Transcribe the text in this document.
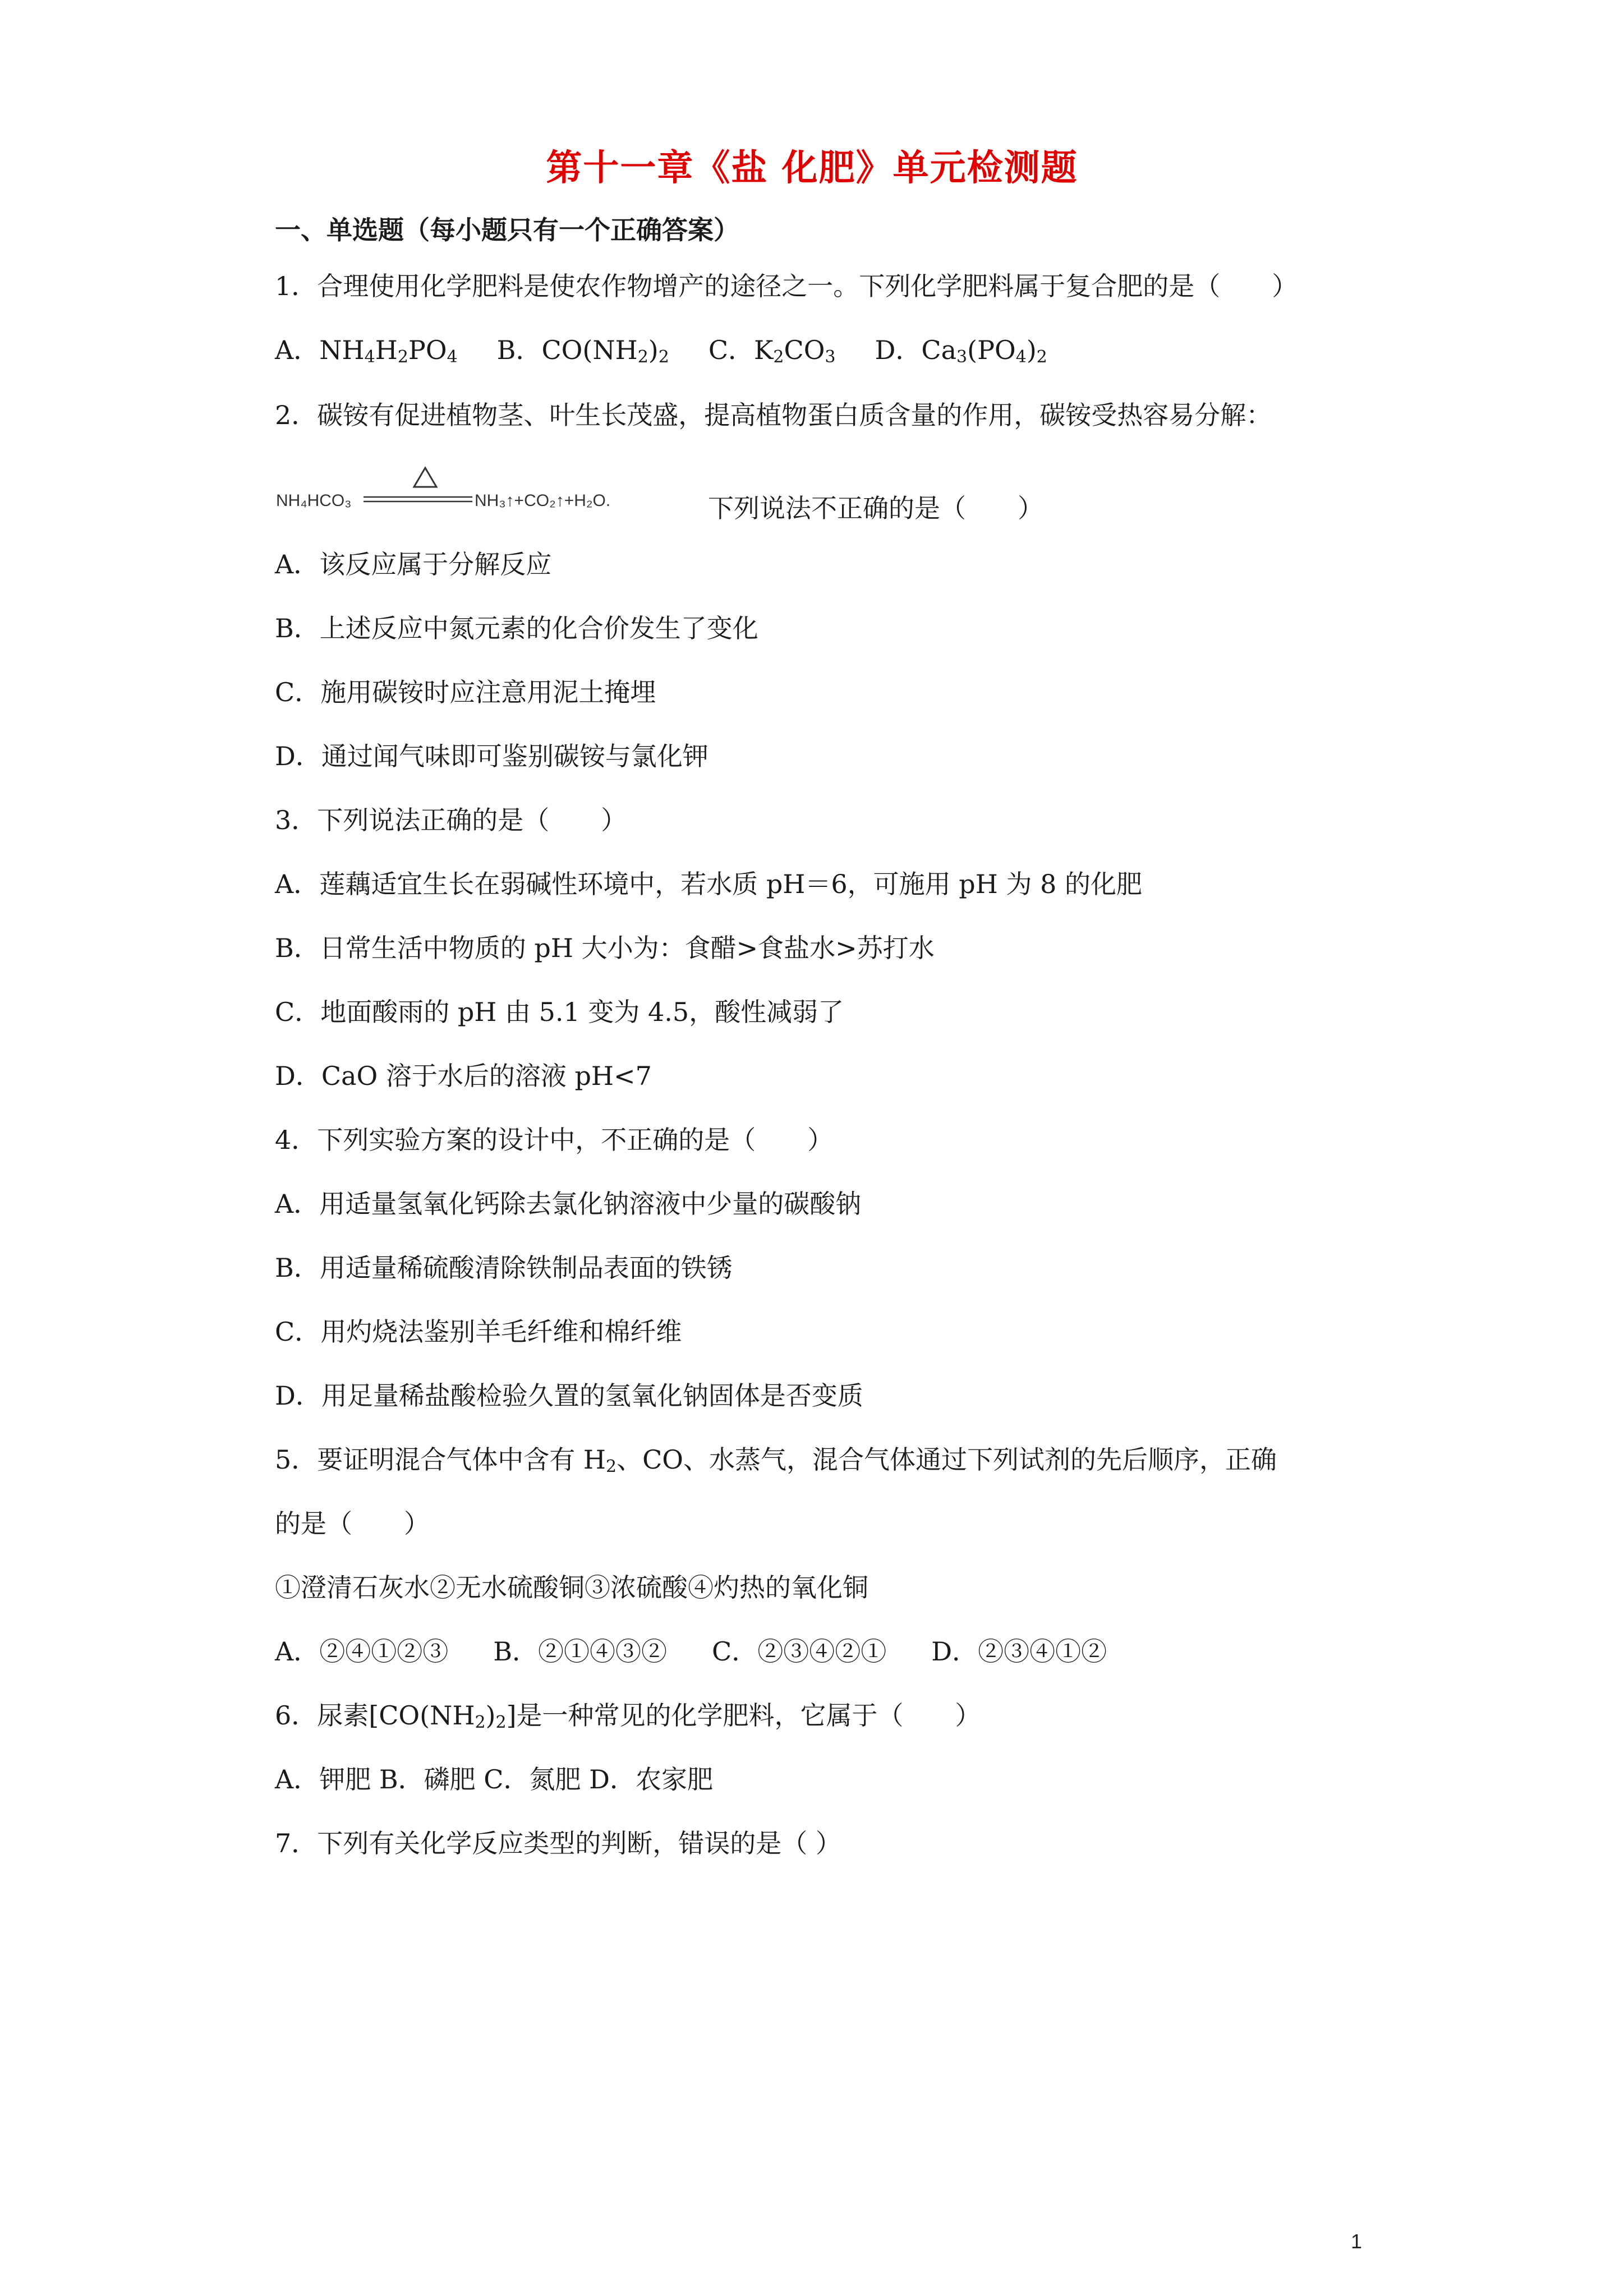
第十一章《盐 化肥》单元检测题
一、单选题（每小题只有一个正确答案）
1．合理使用化学肥料是使农作物增产的途径之一。下列化学肥料属于复合肥的是（　　）
A．$NH_4H_2PO_4$ B．$CO(NH_2)_2$ C．$K_2CO_3$ D．$Ca_3(PO_4)_2$
2．碳铵有促进植物茎、叶生长茂盛，提高植物蛋白质含量的作用，碳铵受热容易分解：
NH₄HCO₃	NH₃↑+CO₂↑+H₂O.	下列说法不正确的是（　　）
A．该反应属于分解反应
B．上述反应中氮元素的化合价发生了变化
C．施用碳铵时应注意用泥土掩埋
D．通过闻气味即可鉴别碳铵与氯化钾
3．下列说法正确的是（　　）
A．莲藕适宜生长在弱碱性环境中，若水质 pH＝6，可施用 pH 为 8 的化肥
B．日常生活中物质的 pH 大小为：食醋>食盐水>苏打水
C．地面酸雨的 pH 由 5.1 变为 4.5，酸性减弱了
D．CaO 溶于水后的溶液 pH<7
4．下列实验方案的设计中，不正确的是（　　）
A．用适量氢氧化钙除去氯化钠溶液中少量的碳酸钠
B．用适量稀硫酸清除铁制品表面的铁锈
C．用灼烧法鉴别羊毛纤维和棉纤维
D．用足量稀盐酸检验久置的氢氧化钠固体是否变质
5．要证明混合气体中含有 $H_2$、CO、水蒸气，混合气体通过下列试剂的先后顺序，正确
的是（　　）
①澄清石灰水②无水硫酸铜③浓硫酸④灼热的氧化铜
A．②④①②③ B．②①④③② C．②③④②① D．②③④①②
6．尿素$[CO(NH_2)_2]$是一种常见的化学肥料，它属于（　　）
A．钾肥 B．磷肥 C．氮肥 D．农家肥
7．下列有关化学反应类型的判断，错误的是（ ）
1
